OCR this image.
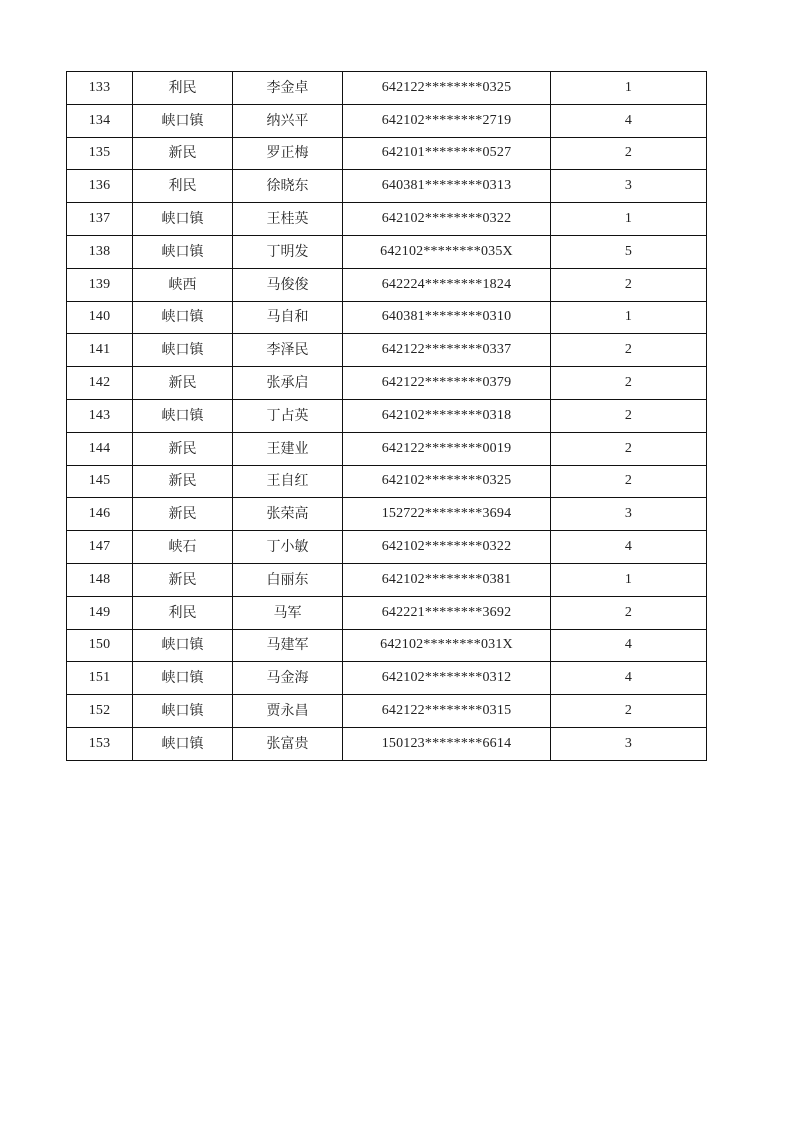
133	利民	李金卓	642122********0325	1
134	峡口镇	纳兴平	642102********2719	4
135	新民	罗正梅	642101********0527	2
136	利民	徐晓东	640381********0313	3
137	峡口镇	王桂英	642102********0322	1
138	峡口镇	丁明发	642102********035X	5
139	峡西	马俊俊	642224********1824	2
140	峡口镇	马自和	640381********0310	1
141	峡口镇	李泽民	642122********0337	2
142	新民	张承启	642122********0379	2
143	峡口镇	丁占英	642102********0318	2
144	新民	王建业	642122********0019	2
145	新民	王自红	642102********0325	2
146	新民	张荣高	152722********3694	3
147	峡石	丁小敏	642102********0322	4
148	新民	白丽东	642102********0381	1
149	利民	马军	642221********3692	2
150	峡口镇	马建军	642102********031X	4
151	峡口镇	马金海	642102********0312	4
152	峡口镇	贾永昌	642122********0315	2
153	峡口镇	张富贵	150123********6614	3
